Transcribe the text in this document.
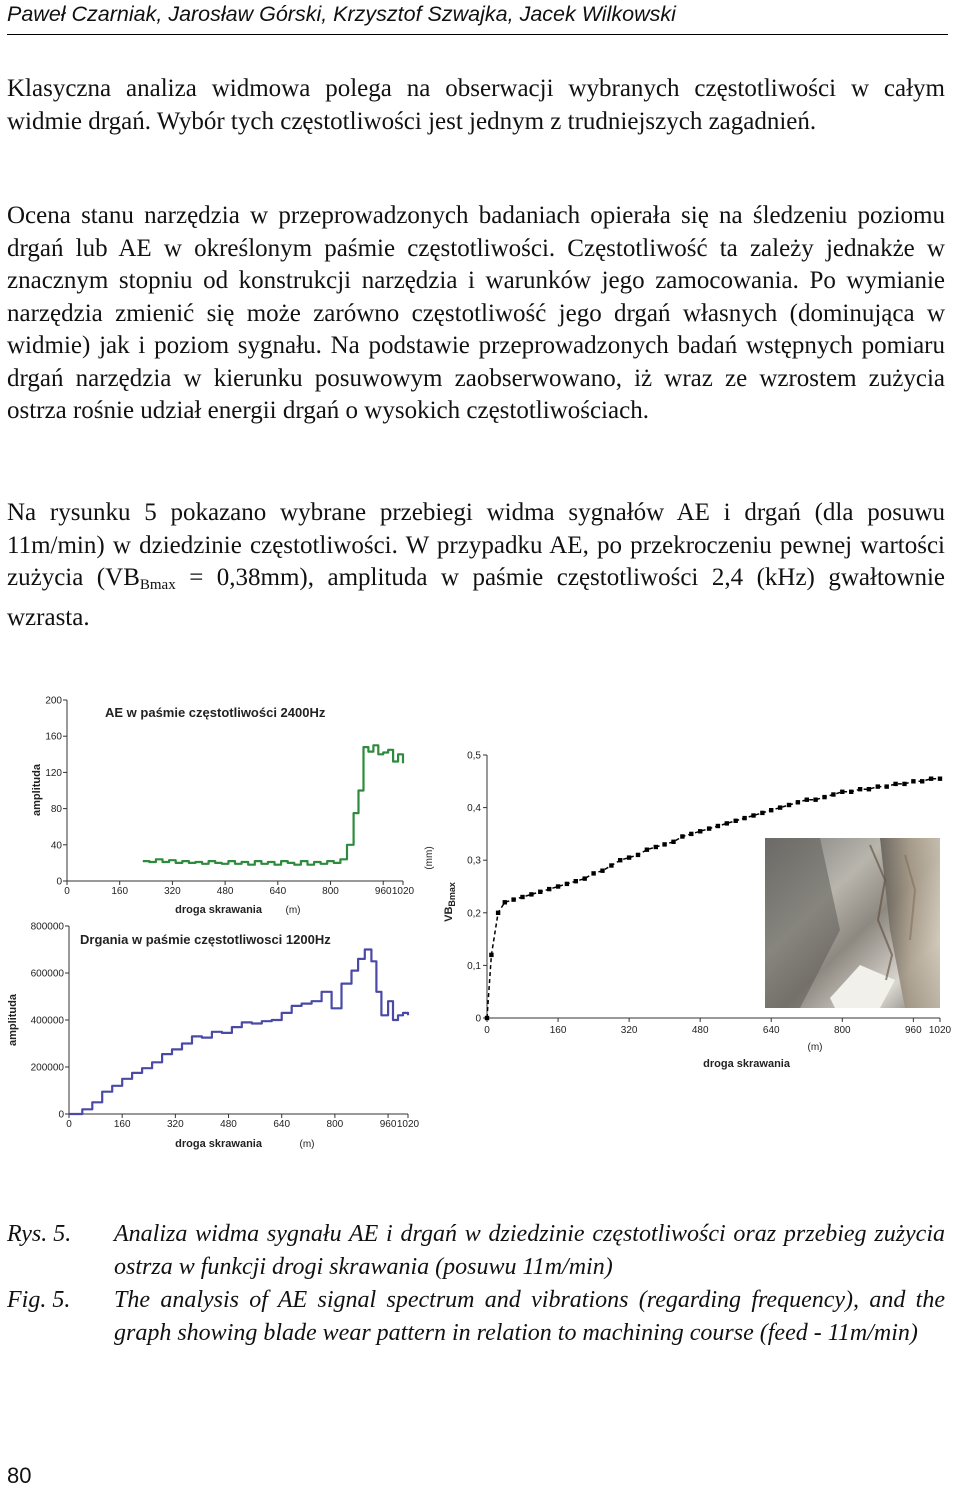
Paweł Czarniak, Jarosław Górski, Krzysztof Szwajka, Jacek Wilkowski

Klasyczna analiza widmowa polega na obserwacji wybranych częstotliwości w całym widmie drgań. Wybór tych częstotliwości jest jednym z trudniejszych zagadnień.

Ocena stanu narzędzia w przeprowadzonych badaniach opierała się na śledzeniu poziomu drgań lub AE w określonym paśmie częstotliwości. Częstotliwość ta zależy jednakże w znacznym stopniu od konstrukcji narzędzia i warunków jego zamocowania. Po wymianie narzędzia zmienić się może zarówno częstotliwość jego drgań własnych (dominująca w widmie) jak i poziom sygnału. Na podstawie przeprowadzonych badań wstępnych pomiaru drgań narzędzia w kierunku posuwowym zaobserwowano, iż wraz ze wzrostem zużycia ostrza rośnie udział energii drgań o wysokich częstotliwościach.

Na rysunku 5 pokazano wybrane przebiegi widma sygnałów AE i drgań (dla posuwu 11m/min) w dziedzinie częstotliwości. W przypadku AE, po przekroczeniu pewnej wartości zużycia $(VB_{Bmax} = 0,38mm)$, amplituda w paśmie częstotliwości 2,4 (kHz) gwałtownie wzrasta.

AE w paśmie częstotliwości 2400Hz
amplituda
droga skrawania (m)
0	160	320	480	640	800	960 1020
0
40
80
120
160
200
Drgania w paśmie częstotliwosci 1200Hz
amplituda
droga skrawania	(m)
0	160	320	480	640	800	960 1020
0
200000
400000
600000
800000
$VB_{Bmax}$
(mm)
droga skrawania
(m)
0	160	320	480	640	800	960 1020
0
0,1
0,2
0,3
0,4
0,5
Rys. 5. Analiza widma sygnału AE i drgań w dziedzinie częstotliwości oraz przebieg zużycia ostrza w funkcji drogi skrawania (posuwu 11m/min)
Fig. 5. The analysis of AE signal spectrum and vibrations (regarding frequency), and the graph showing blade wear pattern in relation to machining course (feed - 11m/min)
80
